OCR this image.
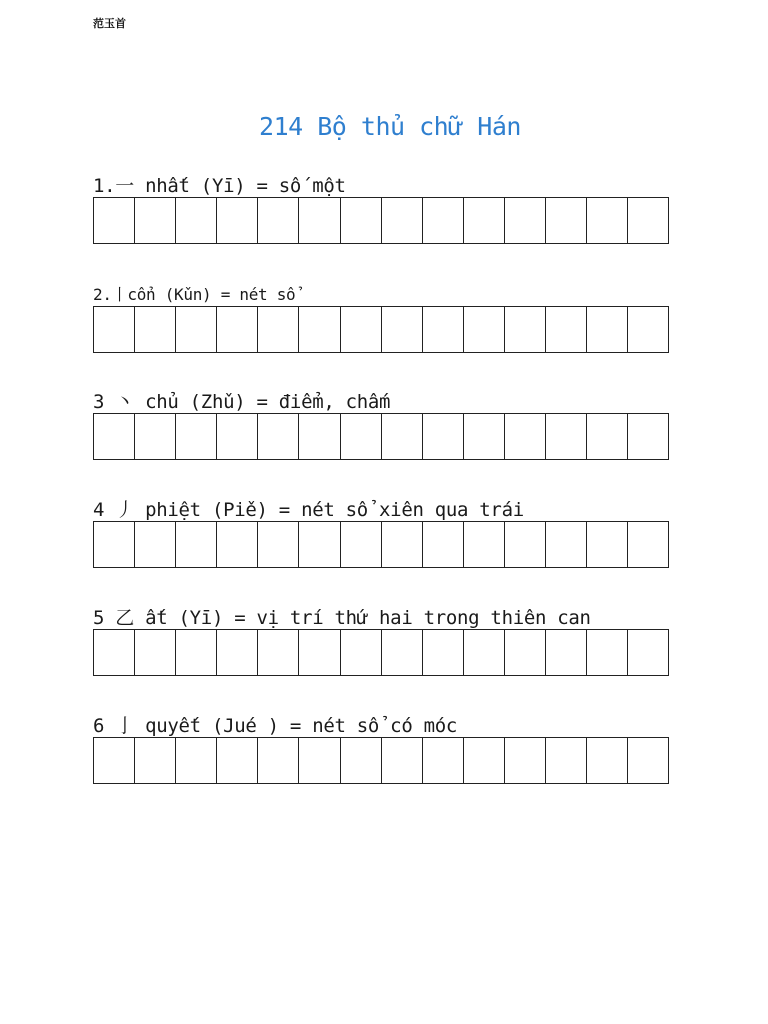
范玉首
214 Bộ thủ chữ Hán
1.一 nhất (Yī) = số một
2.丨cổn (Kǔn) = nét sổ
3 丶 chủ (Zhǔ) = điểm, chấm
4 丿 phiệt (Piě) = nét sổ xiên qua trái
5 乙 ất (Yī) = vị trí thứ hai trong thiên can
6 亅 quyết (Jué ) = nét sổ có móc
